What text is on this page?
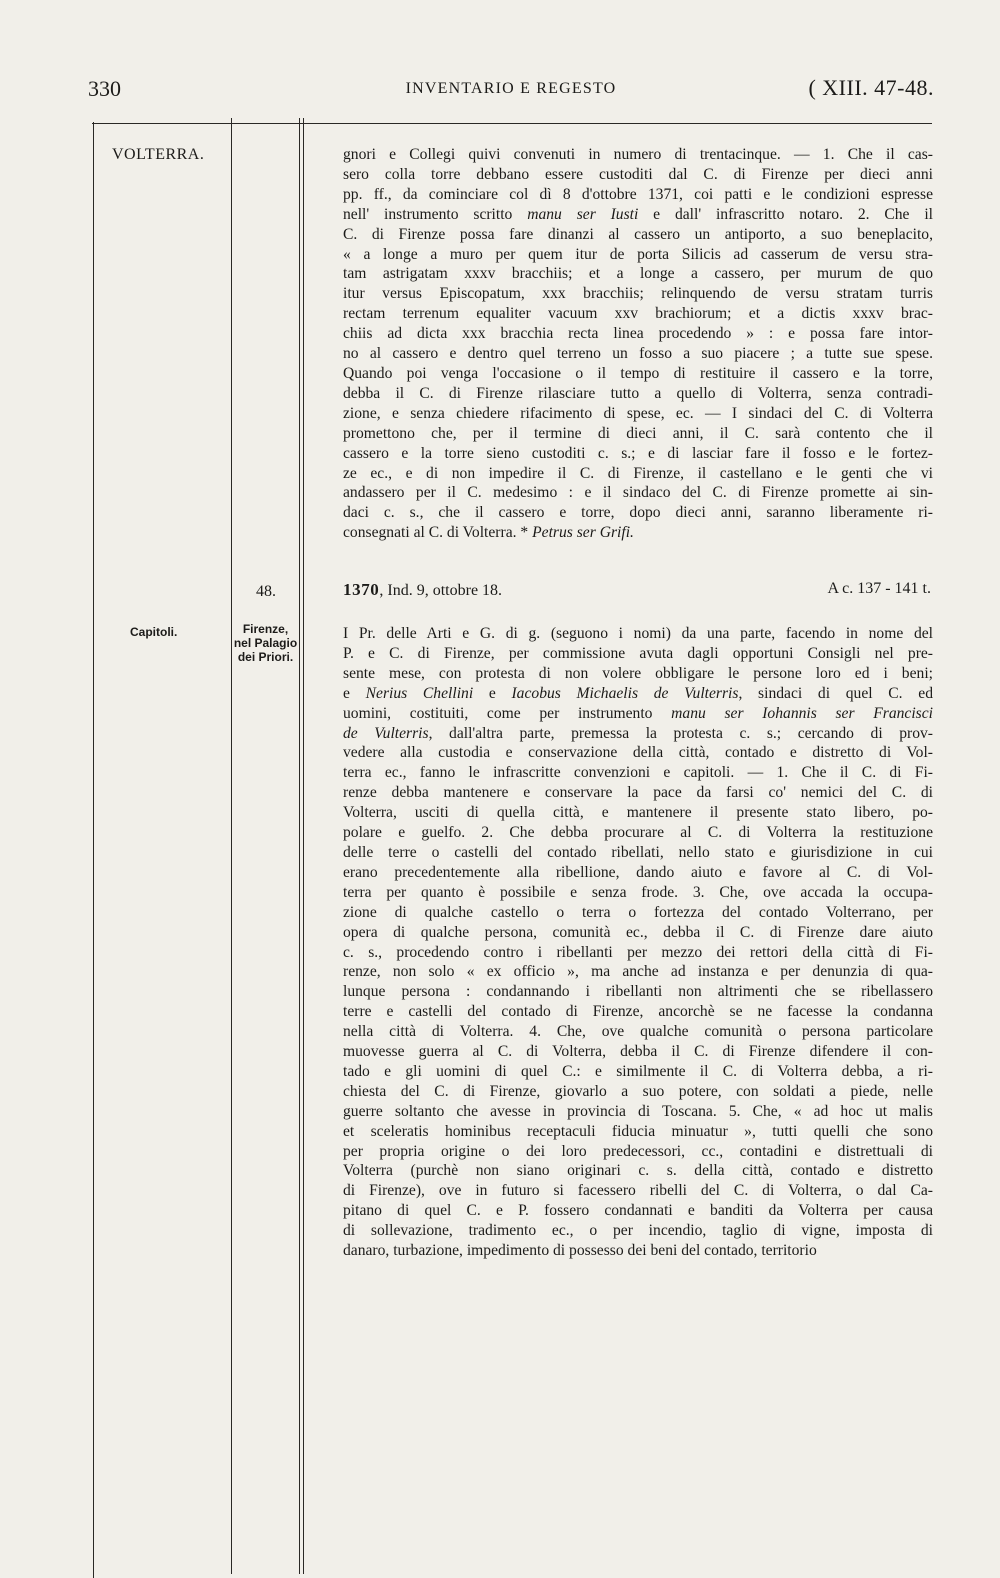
330	INVENTARIO E REGESTO	( XIII. 47-48.
VOLTERRA.
48.
Capitoli.	Firenze,
nel Palagio
dei Priori.
gnori e Collegi quivi convenuti in numero di trentacinque. — 1. Che il cas-
sero colla torre debbano essere custoditi dal C. di Firenze per dieci anni
pp. ff., da cominciare col dì 8 d'ottobre 1371, coi patti e le condizioni espresse
nell' instrumento scritto manu ser Iusti e dall' infrascritto notaro. 2. Che il
C. di Firenze possa fare dinanzi al cassero un antiporto, a suo beneplacito,
« a longe a muro per quem itur de porta Silicis ad casserum de versu stra-
tam astrigatam xxxv bracchiis; et a longe a cassero, per murum de quo
itur versus Episcopatum, xxx bracchiis; relinquendo de versu stratam turris
rectam terrenum equaliter vacuum xxv brachiorum; et a dictis xxxv brac-
chiis ad dicta xxx bracchia recta linea procedendo » : e possa fare intor-
no al cassero e dentro quel terreno un fosso a suo piacere ; a tutte sue spese.
Quando poi venga l'occasione o il tempo di restituire il cassero e la torre,
debba il C. di Firenze rilasciare tutto a quello di Volterra, senza contradi-
zione, e senza chiedere rifacimento di spese, ec. — I sindaci del C. di Volterra
promettono che, per il termine di dieci anni, il C. sarà contento che il
cassero e la torre sieno custoditi c. s.; e di lasciar fare il fosso e le fortez-
ze ec., e di non impedire il C. di Firenze, il castellano e le genti che vi
andassero per il C. medesimo : e il sindaco del C. di Firenze promette ai sin-
daci c. s., che il cassero e torre, dopo dieci anni, saranno liberamente ri-
consegnati al C. di Volterra. * Petrus ser Grifi.
1370, Ind. 9, ottobre 18.	A c. 137 - 141 t.
I Pr. delle Arti e G. di g. (seguono i nomi) da una parte, facendo in nome del
P. e C. di Firenze, per commissione avuta dagli opportuni Consigli nel pre-
sente mese, con protesta di non volere obbligare le persone loro ed i beni;
e Nerius Chellini e Iacobus Michaelis de Vulterris, sindaci di quel C. ed
uomini, costituiti, come per instrumento manu ser Iohannis ser Francisci
de Vulterris, dall'altra parte, premessa la protesta c. s.; cercando di prov-
vedere alla custodia e conservazione della città, contado e distretto di Vol-
terra ec., fanno le infrascritte convenzioni e capitoli. — 1. Che il C. di Fi-
renze debba mantenere e conservare la pace da farsi co' nemici del C. di
Volterra, usciti di quella città, e mantenere il presente stato libero, po-
polare e guelfo. 2. Che debba procurare al C. di Volterra la restituzione
delle terre o castelli del contado ribellati, nello stato e giurisdizione in cui
erano precedentemente alla ribellione, dando aiuto e favore al C. di Vol-
terra per quanto è possibile e senza frode. 3. Che, ove accada la occupa-
zione di qualche castello o terra o fortezza del contado Volterrano, per
opera di qualche persona, comunità ec., debba il C. di Firenze dare aiuto
c. s., procedendo contro i ribellanti per mezzo dei rettori della città di Fi-
renze, non solo « ex officio », ma anche ad instanza e per denunzia di qua-
lunque persona : condannando i ribellanti non altrimenti che se ribellassero
terre e castelli del contado di Firenze, ancorchè se ne facesse la condanna
nella città di Volterra. 4. Che, ove qualche comunità o persona particolare
muovesse guerra al C. di Volterra, debba il C. di Firenze difendere il con-
tado e gli uomini di quel C.: e similmente il C. di Volterra debba, a ri-
chiesta del C. di Firenze, giovarlo a suo potere, con soldati a piede, nelle
guerre soltanto che avesse in provincia di Toscana. 5. Che, « ad hoc ut malis
et sceleratis hominibus receptaculi fiducia minuatur », tutti quelli che sono
per propria origine o dei loro predecessori, cc., contadini e distrettuali di
Volterra (purchè non siano originari c. s. della città, contado e distretto
di Firenze), ove in futuro si facessero ribelli del C. di Volterra, o dal Ca-
pitano di quel C. e P. fossero condannati e banditi da Volterra per causa
di sollevazione, tradimento ec., o per incendio, taglio di vigne, imposta di
danaro, turbazione, impedimento di possesso dei beni del contado, territorio
